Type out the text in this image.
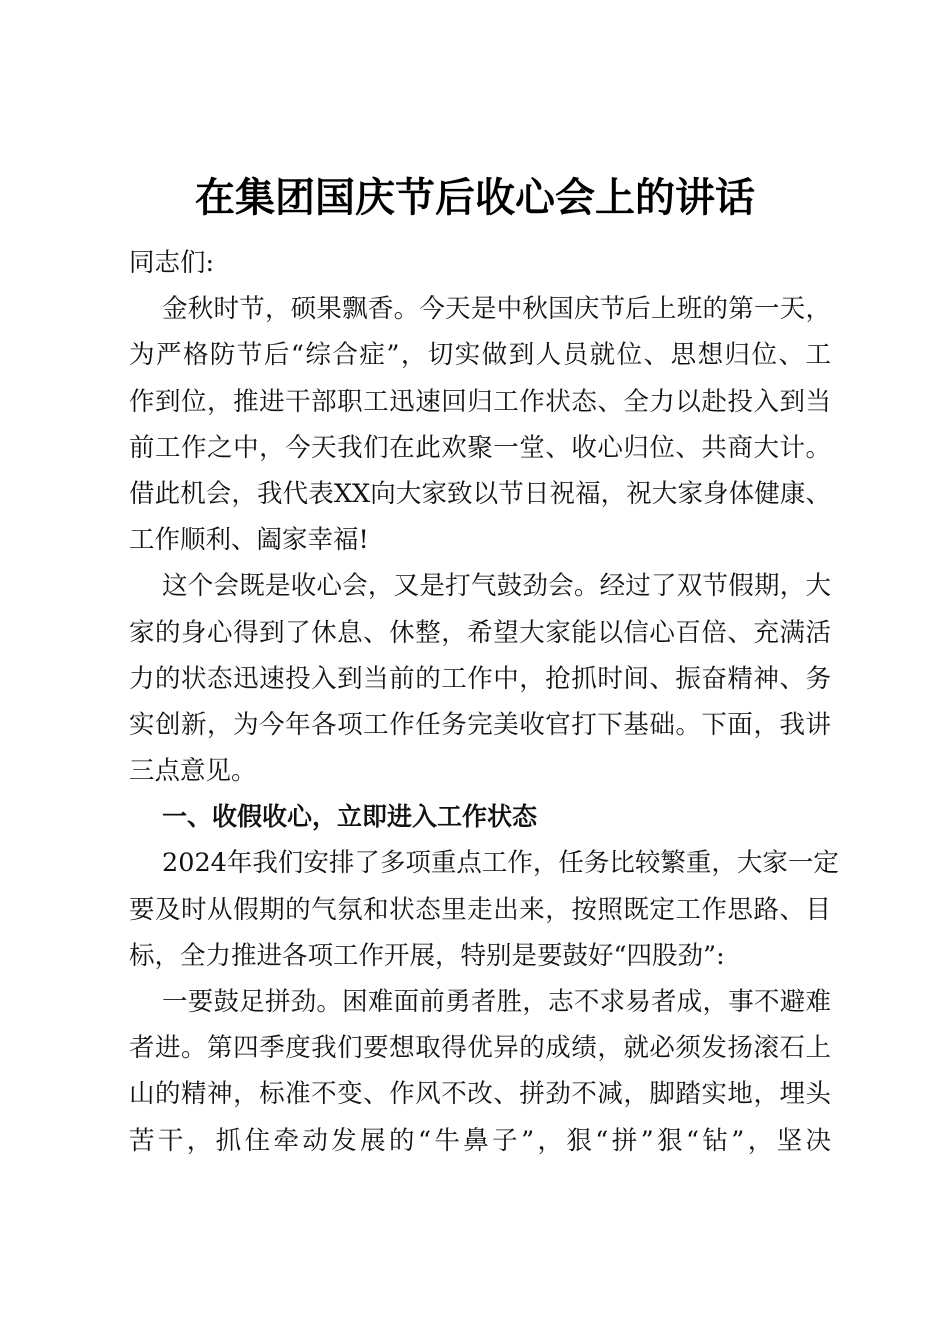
在集团国庆节后收心会上的讲话
同志们:
金秋时节，硕果飘香。今天是中秋国庆节后上班的第一天，
为严格防节后“综合症”，切实做到人员就位、思想归位、工
作到位，推进干部职工迅速回归工作状态、全力以赴投入到当
前工作之中，今天我们在此欢聚一堂、收心归位、共商大计。
借此机会，我代表XX向大家致以节日祝福，祝大家身体健康、
工作顺利、阖家幸福!
这个会既是收心会，又是打气鼓劲会。经过了双节假期，大
家的身心得到了休息、休整，希望大家能以信心百倍、充满活
力的状态迅速投入到当前的工作中，抢抓时间、振奋精神、务
实创新，为今年各项工作任务完美收官打下基础。下面，我讲
三点意见。
一、收假收心，立即进入工作状态
2024年我们安排了多项重点工作，任务比较繁重，大家一定
要及时从假期的气氛和状态里走出来，按照既定工作思路、目
标，全力推进各项工作开展，特别是要鼓好“四股劲”:
一要鼓足拼劲。困难面前勇者胜，志不求易者成，事不避难
者进。第四季度我们要想取得优异的成绩，就必须发扬滚石上
山的精神，标准不变、作风不改、拼劲不减，脚踏实地，埋头
苦干，抓住牵动发展的“牛鼻子”，狠“拼”狠“钻”，坚决
